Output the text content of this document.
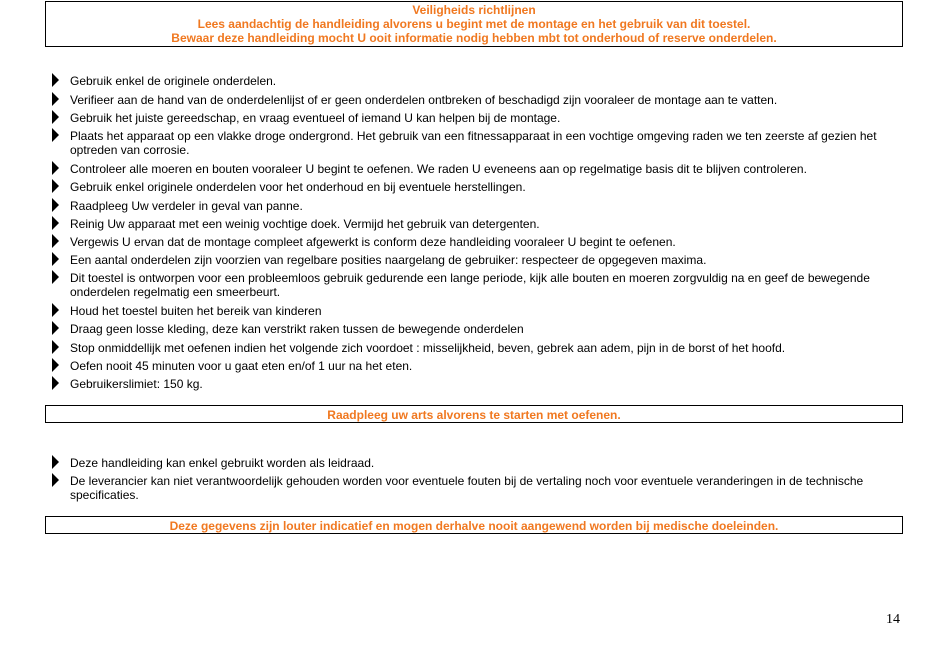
Veiligheids richtlijnen
Lees aandachtig de handleiding alvorens u begint met de montage en het gebruik van dit toestel.
Bewaar deze handleiding mocht U ooit informatie nodig hebben mbt tot onderhoud of reserve onderdelen.
Gebruik enkel de originele onderdelen.
Verifieer aan de hand van de onderdelenlijst of er geen onderdelen ontbreken of beschadigd zijn vooraleer de montage aan te vatten.
Gebruik het juiste gereedschap, en vraag eventueel of iemand U kan helpen bij de montage.
Plaats het apparaat op een vlakke droge ondergrond. Het gebruik van een fitnessapparaat in een vochtige omgeving raden we ten zeerste af gezien het optreden van corrosie.
Controleer alle moeren en bouten vooraleer U begint te oefenen. We raden U eveneens aan op regelmatige basis dit te blijven controleren.
Gebruik enkel originele onderdelen voor het onderhoud en bij eventuele herstellingen.
Raadpleeg Uw verdeler in geval van panne.
Reinig Uw apparaat met een weinig vochtige doek. Vermijd het gebruik van detergenten.
Vergewis U ervan dat de montage compleet afgewerkt is conform deze handleiding vooraleer U begint te oefenen.
Een aantal onderdelen zijn voorzien van regelbare posities naargelang de gebruiker: respecteer de opgegeven maxima.
Dit toestel is ontworpen voor een probleemloos gebruik gedurende een lange periode, kijk alle bouten en moeren zorgvuldig na en geef de bewegende onderdelen regelmatig een smeerbeurt.
Houd het toestel buiten het bereik van kinderen
Draag geen losse kleding, deze kan verstrikt raken tussen de bewegende onderdelen
Stop onmiddellijk met oefenen indien het volgende zich voordoet : misselijkheid, beven, gebrek aan adem, pijn in de borst of het hoofd.
Oefen nooit 45 minuten voor u gaat eten en/of 1 uur na het eten.
Gebruikerslimiet: 150 kg.
Raadpleeg uw arts alvorens te starten met oefenen.
Deze handleiding kan enkel gebruikt worden als leidraad.
De leverancier kan niet verantwoordelijk gehouden worden voor eventuele fouten bij de vertaling noch voor eventuele veranderingen in de technische specificaties.
Deze gegevens zijn louter indicatief en mogen derhalve nooit aangewend worden bij medische doeleinden.
14
